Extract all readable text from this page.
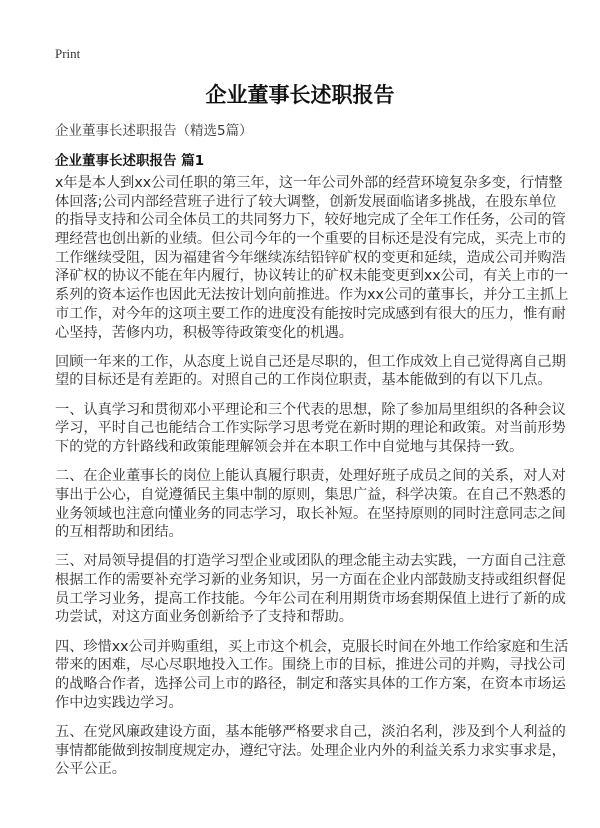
Print
企业董事长述职报告
企业董事长述职报告（精选5篇）
企业董事长述职报告 篇1

x年是本人到xx公司任职的第三年，这一年公司外部的经营环境复杂多变，行情整
体回落;公司内部经营班子进行了较大调整，创新发展面临诸多挑战，在股东单位
的指导支持和公司全体员工的共同努力下，较好地完成了全年工作任务，公司的管
理经营也创出新的业绩。但公司今年的一个重要的目标还是没有完成，买壳上市的
工作继续受阻，因为福建省今年继续冻结铅锌矿权的变更和延续，造成公司并购浩
泽矿权的协议不能在年内履行，协议转让的矿权未能变更到xx公司，有关上市的一
系列的资本运作也因此无法按计划向前推进。作为xx公司的董事长，并分工主抓上
市工作，对今年的这项主要工作的进度没有能按时完成感到有很大的压力，惟有耐
心坚持，苦修内功，积极等待政策变化的机遇。

回顾一年来的工作，从态度上说自己还是尽职的，但工作成效上自己觉得离自己期
望的目标还是有差距的。对照自己的工作岗位职责，基本能做到的有以下几点。

一、认真学习和贯彻邓小平理论和三个代表的思想，除了参加局里组织的各种会议
学习，平时自己也能结合工作实际学习思考党在新时期的理论和政策。对当前形势
下的党的方针路线和政策能理解领会并在本职工作中自觉地与其保持一致。

二、在企业董事长的岗位上能认真履行职责，处理好班子成员之间的关系，对人对
事出于公心，自觉遵循民主集中制的原则，集思广益，科学决策。在自己不熟悉的
业务领域也注意向懂业务的同志学习，取长补短。在坚持原则的同时注意同志之间
的互相帮助和团结。

三、对局领导提倡的打造学习型企业或团队的理念能主动去实践，一方面自己注意
根据工作的需要补充学习新的业务知识，另一方面在企业内部鼓励支持或组织督促
员工学习业务，提高工作技能。今年公司在利用期货市场套期保值上进行了新的成
功尝试，对这方面业务创新给予了支持和帮助。

四、珍惜xx公司并购重组，买上市这个机会，克服长时间在外地工作给家庭和生活
带来的困难，尽心尽职地投入工作。围绕上市的目标，推进公司的并购，寻找公司
的战略合作者，选择公司上市的路径，制定和落实具体的工作方案，在资本市场运
作中边实践边学习。

五、在党风廉政建设方面，基本能够严格要求自己，淡泊名利，涉及到个人利益的
事情都能做到按制度规定办，遵纪守法。处理企业内外的利益关系力求实事求是，
公平公正。
